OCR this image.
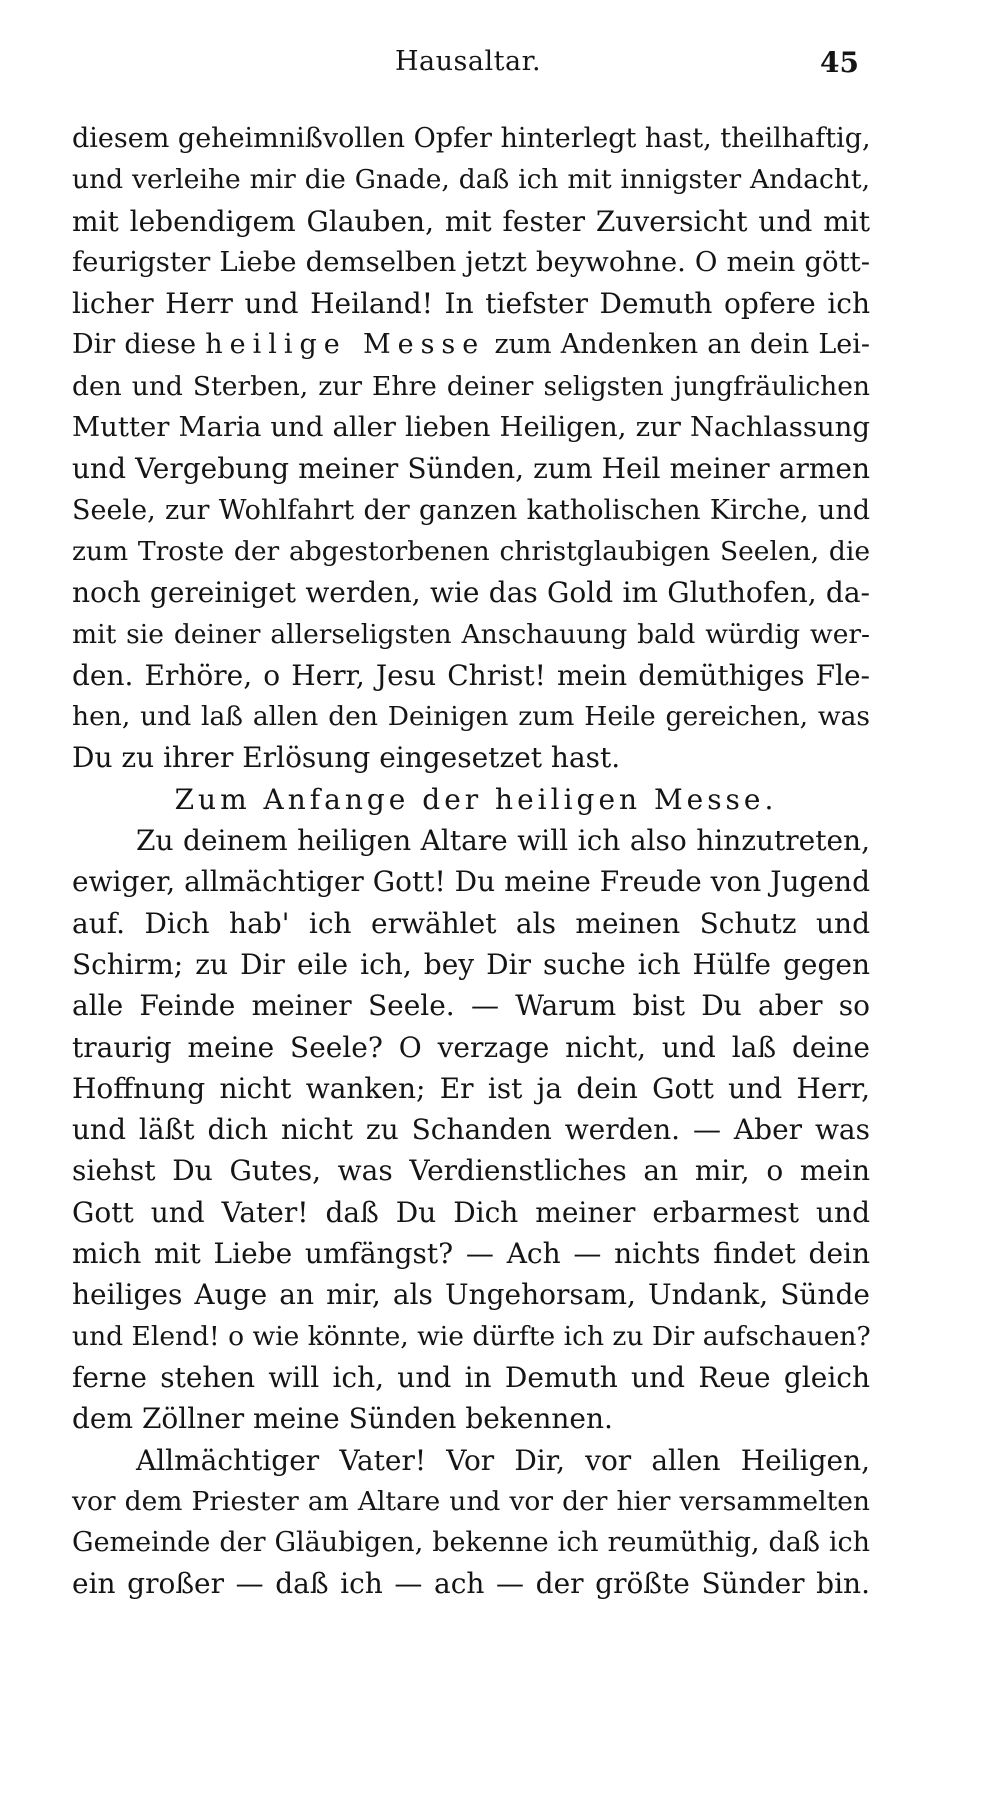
Hausaltar.	45
diesem geheimnißvollen Opfer hinterlegt hast, theilhaftig,
und verleihe mir die Gnade, daß ich mit innigster Andacht,
mit lebendigem Glauben, mit fester Zuversicht und mit
feurigster Liebe demselben jetzt beywohne. O mein gött-
licher Herr und Heiland! In tiefster Demuth opfere ich
Dir diese heilige Messe zum Andenken an dein Lei-
den und Sterben, zur Ehre deiner seligsten jungfräulichen
Mutter Maria und aller lieben Heiligen, zur Nachlassung
und Vergebung meiner Sünden, zum Heil meiner armen
Seele, zur Wohlfahrt der ganzen katholischen Kirche, und
zum Troste der abgestorbenen christglaubigen Seelen, die
noch gereiniget werden, wie das Gold im Gluthofen, da-
mit sie deiner allerseligsten Anschauung bald würdig wer-
den. Erhöre, o Herr, Jesu Christ! mein demüthiges Fle-
hen, und laß allen den Deinigen zum Heile gereichen, was
Du zu ihrer Erlösung eingesetzet hast.
Zum Anfange der heiligen Messe.
Zu deinem heiligen Altare will ich also hinzutreten,
ewiger, allmächtiger Gott! Du meine Freude von Jugend
auf. Dich hab' ich erwählet als meinen Schutz und
Schirm; zu Dir eile ich, bey Dir suche ich Hülfe gegen
alle Feinde meiner Seele. — Warum bist Du aber so
traurig meine Seele? O verzage nicht, und laß deine
Hoffnung nicht wanken; Er ist ja dein Gott und Herr,
und läßt dich nicht zu Schanden werden. — Aber was
siehst Du Gutes, was Verdienstliches an mir, o mein
Gott und Vater! daß Du Dich meiner erbarmest und
mich mit Liebe umfängst? — Ach — nichts findet dein
heiliges Auge an mir, als Ungehorsam, Undank, Sünde
und Elend! o wie könnte, wie dürfte ich zu Dir aufschauen?
ferne stehen will ich, und in Demuth und Reue gleich
dem Zöllner meine Sünden bekennen.
Allmächtiger Vater! Vor Dir, vor allen Heiligen,
vor dem Priester am Altare und vor der hier versammelten
Gemeinde der Gläubigen, bekenne ich reumüthig, daß ich
ein großer — daß ich — ach — der größte Sünder bin.
